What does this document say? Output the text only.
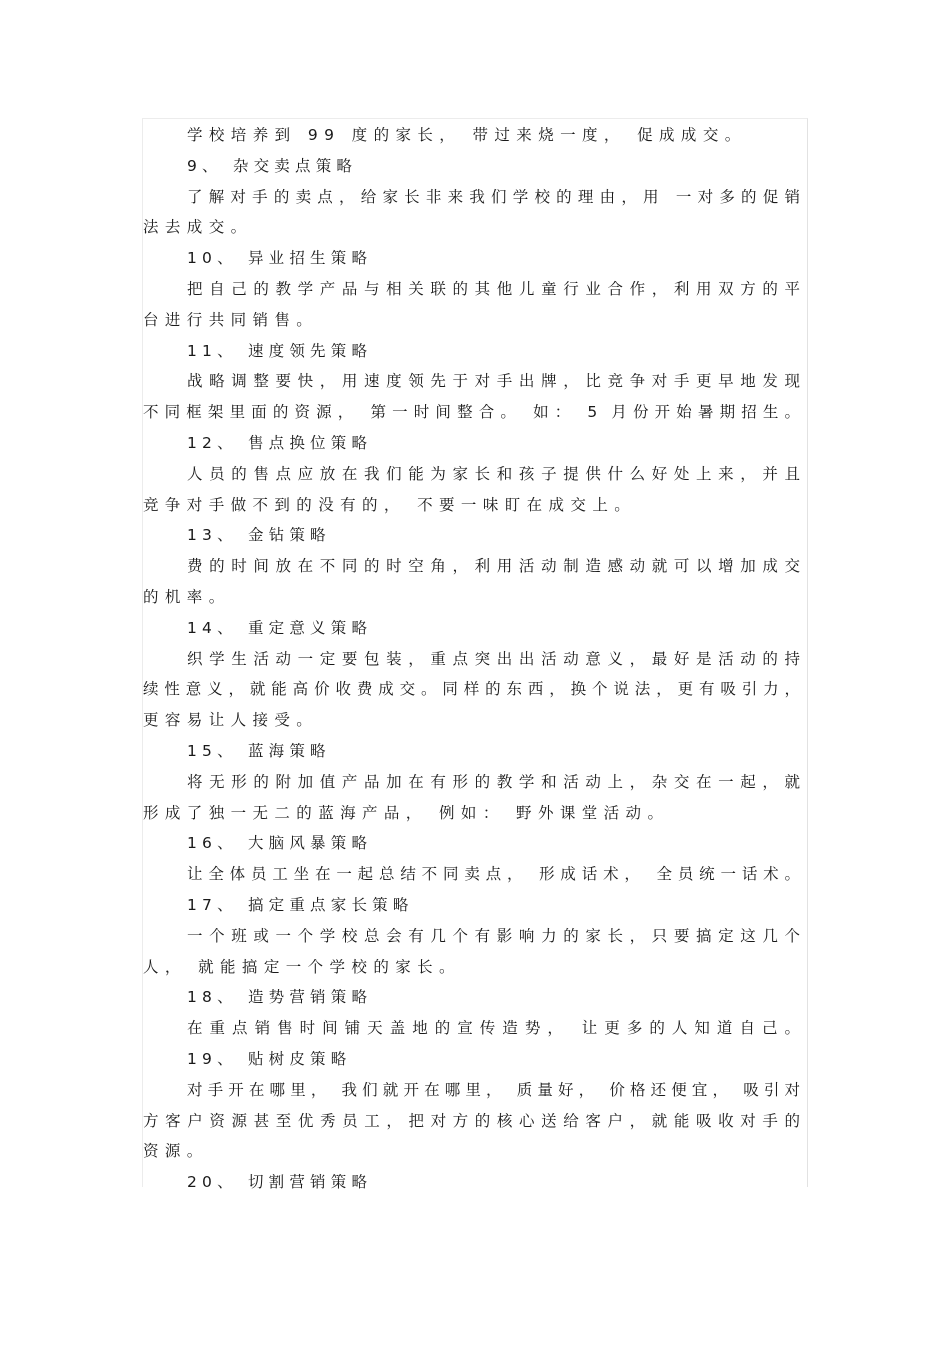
学校培养到 99 度的家长， 带过来烧一度， 促成成交。
9、 杂交卖点策略
了解对手的卖点，给家长非来我们学校的理由，用 一对多的促销
法去成交。
10、 异业招生策略
把自己的教学产品与相关联的其他儿童行业合作，利用双方的平
台进行共同销售。
11、 速度领先策略
战略调整要快，用速度领先于对手出牌，比竞争对手更早地发现
不同框架里面的资源， 第一时间整合。 如： 5 月份开始暑期招生。
12、 售点换位策略
人员的售点应放在我们能为家长和孩子提供什么好处上来，并且
竞争对手做不到的没有的， 不要一味盯在成交上。
13、 金钻策略
费的时间放在不同的时空角，利用活动制造感动就可以增加成交
的机率。
14、 重定意义策略
织学生活动一定要包装，重点突出出活动意义，最好是活动的持
续性意义，就能高价收费成交。同样的东西，换个说法，更有吸引力，
更容易让人接受。
15、 蓝海策略
将无形的附加值产品加在有形的教学和活动上，杂交在一起，就
形成了独一无二的蓝海产品， 例如： 野外课堂活动。
16、 大脑风暴策略
让全体员工坐在一起总结不同卖点， 形成话术， 全员统一话术。
17、 搞定重点家长策略
一个班或一个学校总会有几个有影响力的家长，只要搞定这几个
人， 就能搞定一个学校的家长。
18、 造势营销策略
在重点销售时间铺天盖地的宣传造势， 让更多的人知道自己。
19、 贴树皮策略
对手开在哪里， 我们就开在哪里， 质量好， 价格还便宜， 吸引对
方客户资源甚至优秀员工，把对方的核心送给客户，就能吸收对手的
资源。
20、 切割营销策略
